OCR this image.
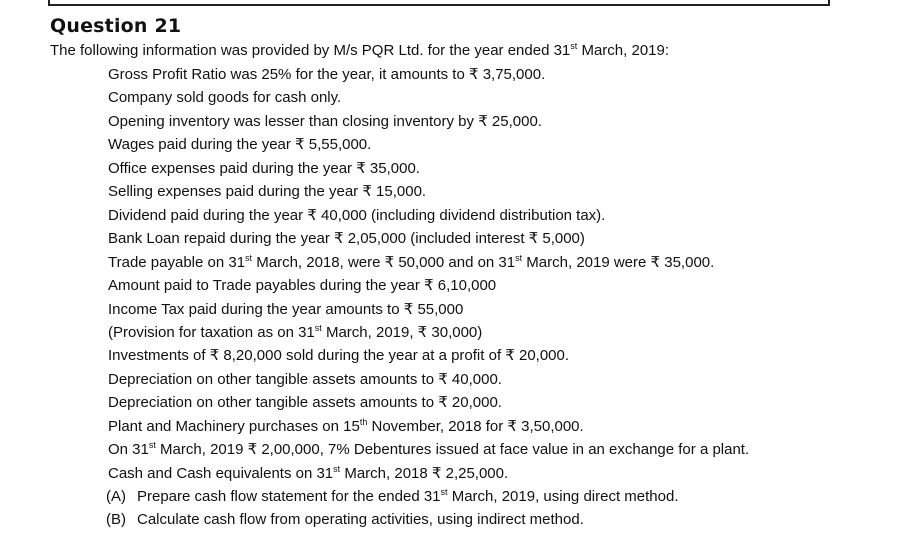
Question 21
The following information was provided by M/s PQR Ltd. for the year ended 31st March, 2019:
Gross Profit Ratio was 25% for the year, it amounts to ₹ 3,75,000.
Company sold goods for cash only.
Opening inventory was lesser than closing inventory by ₹ 25,000.
Wages paid during the year ₹ 5,55,000.
Office expenses paid during the year ₹ 35,000.
Selling expenses paid during the year ₹ 15,000.
Dividend paid during the year ₹ 40,000 (including dividend distribution tax).
Bank Loan repaid during the year ₹ 2,05,000 (included interest ₹ 5,000)
Trade payable on 31st March, 2018, were ₹ 50,000 and on 31st March, 2019 were ₹ 35,000.
Amount paid to Trade payables during the year ₹ 6,10,000
Income Tax paid during the year amounts to ₹ 55,000
(Provision for taxation as on 31st March, 2019, ₹ 30,000)
Investments of ₹ 8,20,000 sold during the year at a profit of ₹ 20,000.
Depreciation on other tangible assets amounts to ₹ 40,000.
Depreciation on other tangible assets amounts to ₹ 20,000.
Plant and Machinery purchases on 15th November, 2018 for ₹ 3,50,000.
On 31st March, 2019 ₹ 2,00,000, 7% Debentures issued at face value in an exchange for a plant.
Cash and Cash equivalents on 31st March, 2018 ₹ 2,25,000.
(A) Prepare cash flow statement for the ended 31st March, 2019, using direct method.
(B) Calculate cash flow from operating activities, using indirect method.
